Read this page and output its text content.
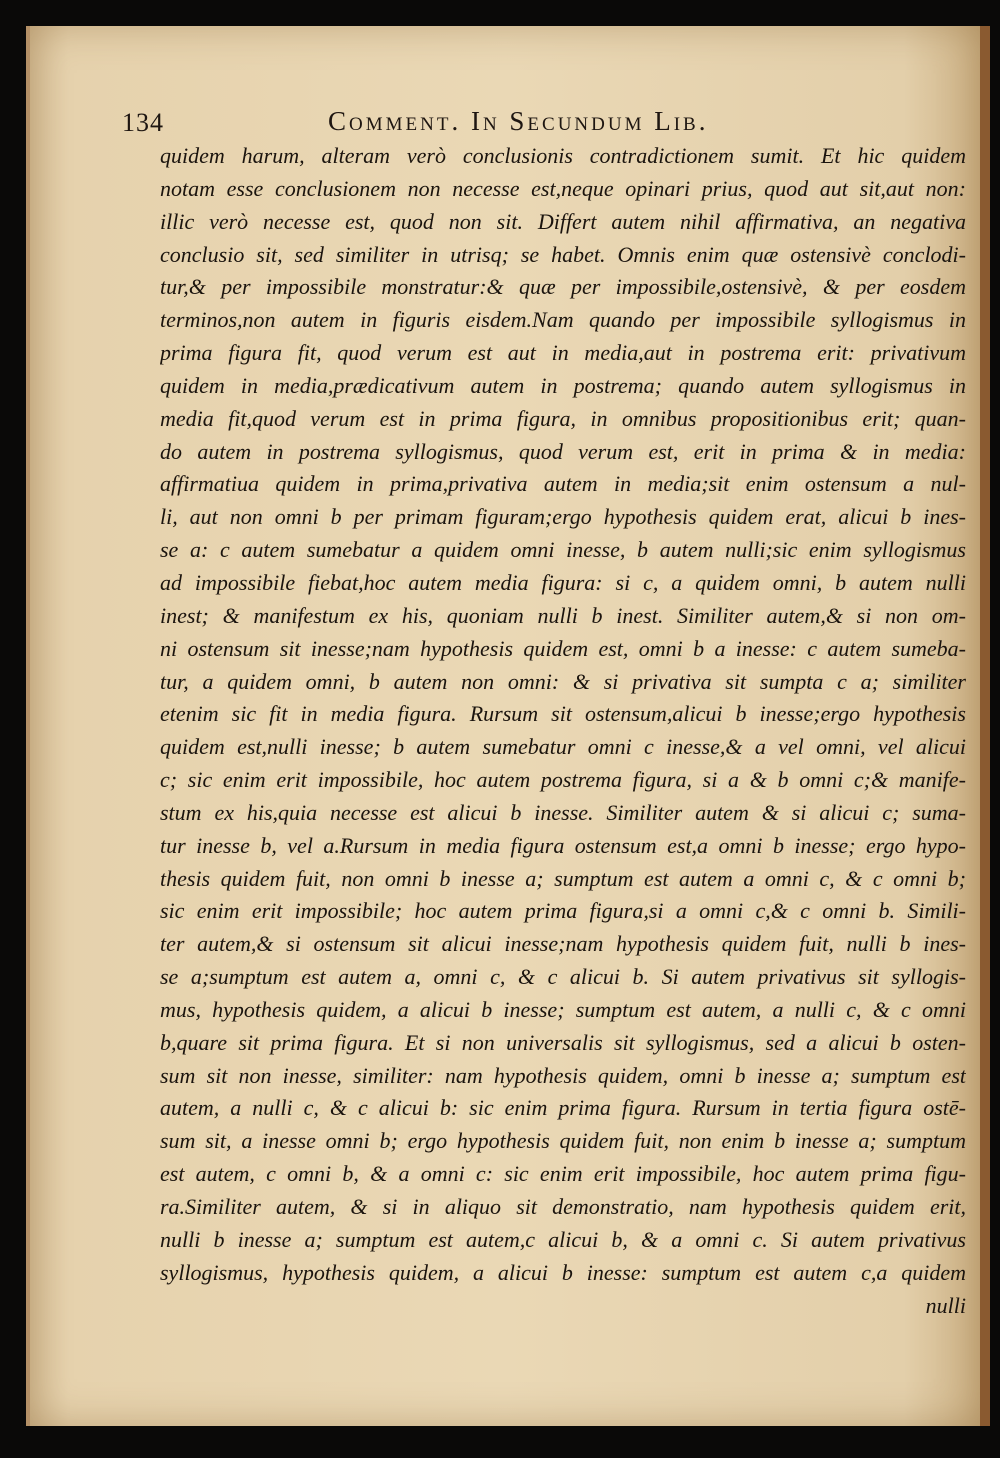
134	Comment. In Secundum Lib.
quidem harum, alteram verò conclusionis contradictionem sumit. Et hic quidem
notam esse conclusionem non necesse est,neque opinari prius, quod aut sit,aut non:
illic verò necesse est, quod non sit. Differt autem nihil affirmativa, an negativa
conclusio sit, sed similiter in utrisq; se habet. Omnis enim quæ ostensivè conclodi-
tur,& per impossibile monstratur:& quæ per impossibile,ostensivè, & per eosdem
terminos,non autem in figuris eisdem.Nam quando per impossibile syllogismus in
prima figura fit, quod verum est aut in media,aut in postrema erit: privativum
quidem in media,prædicativum autem in postrema; quando autem syllogismus in
media fit,quod verum est in prima figura, in omnibus propositionibus erit; quan-
do autem in postrema syllogismus, quod verum est, erit in prima & in media:
affirmatiua quidem in prima,privativa autem in media;sit enim ostensum a nul-
li, aut non omni b per primam figuram;ergo hypothesis quidem erat, alicui b ines-
se a: c autem sumebatur a quidem omni inesse, b autem nulli;sic enim syllogismus
ad impossibile fiebat,hoc autem media figura: si c, a quidem omni, b autem nulli
inest; & manifestum ex his, quoniam nulli b inest. Similiter autem,& si non om-
ni ostensum sit inesse;nam hypothesis quidem est, omni b a inesse: c autem sumeba-
tur, a quidem omni, b autem non omni: & si privativa sit sumpta c a; similiter
etenim sic fit in media figura. Rursum sit ostensum,alicui b inesse;ergo hypothesis
quidem est,nulli inesse; b autem sumebatur omni c inesse,& a vel omni, vel alicui
c; sic enim erit impossibile, hoc autem postrema figura, si a & b omni c;& manife-
stum ex his,quia necesse est alicui b inesse. Similiter autem & si alicui c; suma-
tur inesse b, vel a.Rursum in media figura ostensum est,a omni b inesse; ergo hypo-
thesis quidem fuit, non omni b inesse a; sumptum est autem a omni c, & c omni b;
sic enim erit impossibile; hoc autem prima figura,si a omni c,& c omni b. Simili-
ter autem,& si ostensum sit alicui inesse;nam hypothesis quidem fuit, nulli b ines-
se a;sumptum est autem a, omni c, & c alicui b. Si autem privativus sit syllogis-
mus, hypothesis quidem, a alicui b inesse; sumptum est autem, a nulli c, & c omni
b,quare sit prima figura. Et si non universalis sit syllogismus, sed a alicui b osten-
sum sit non inesse, similiter: nam hypothesis quidem, omni b inesse a; sumptum est
autem, a nulli c, & c alicui b: sic enim prima figura. Rursum in tertia figura ostē-
sum sit, a inesse omni b; ergo hypothesis quidem fuit, non enim b inesse a; sumptum
est autem, c omni b, & a omni c: sic enim erit impossibile, hoc autem prima figu-
ra.Similiter autem, & si in aliquo sit demonstratio, nam hypothesis quidem erit,
nulli b inesse a; sumptum est autem,c alicui b, & a omni c. Si autem privativus
syllogismus, hypothesis quidem, a alicui b inesse: sumptum est autem c,a quidem
nulli
